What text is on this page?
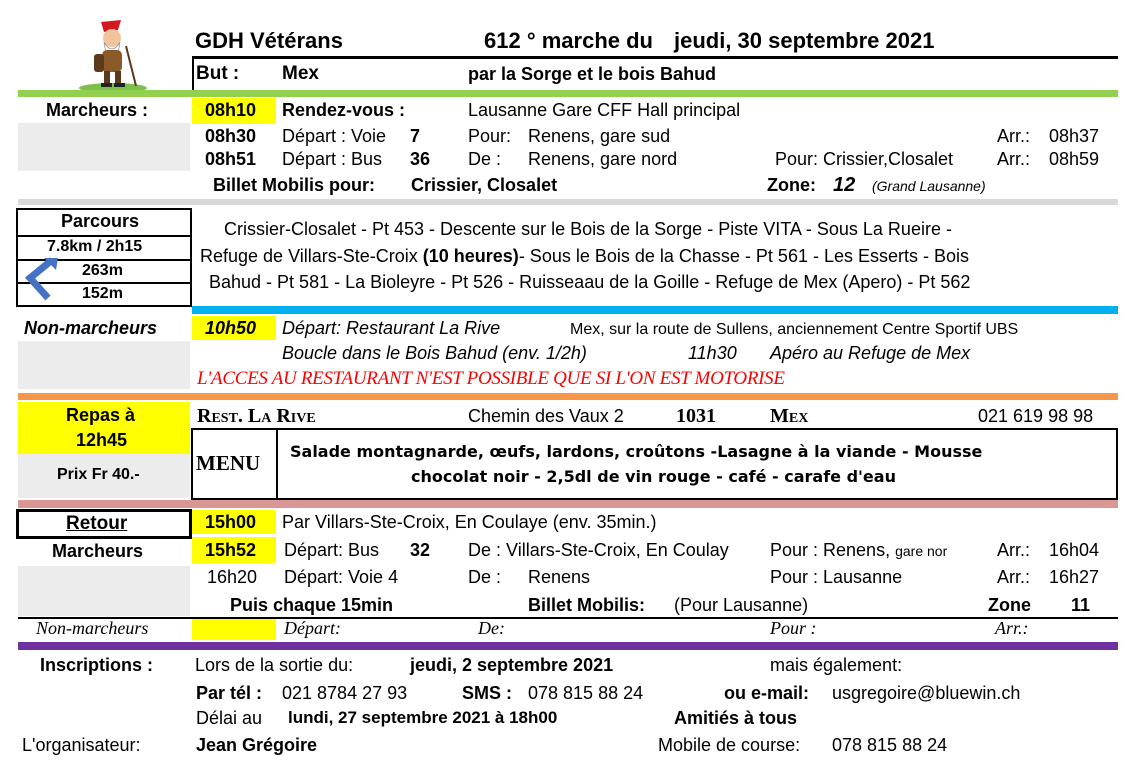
GDH Vétérans	612 ° marche du jeudi, 30 septembre 2021
But : Mex	par la Sorge et le bois Bahud
Marcheurs :	08h10 Rendez-vous :	Lausanne Gare CFF Hall principal
08h30 Départ : Voie 7	Pour: Renens, gare sud	Arr.: 08h37
08h51 Départ : Bus 36 De : Renens, gare nord	Pour: Crissier,Closalet Arr.: 08h59
Billet Mobilis pour: Crissier, Closalet	Zone: 12 (Grand Lausanne)
Parcours
7.8km / 2h15
263m
152m
Crissier-Closalet - Pt 453 - Descente sur le Bois de la Sorge - Piste VITA - Sous La Rueire -
Refuge de Villars-Ste-Croix (10 heures)- Sous le Bois de la Chasse - Pt 561 - Les Esserts - Bois
Bahud - Pt 581 - La Bioleyre - Pt 526 - Ruisseaau de la Goille - Refuge de Mex (Apero) - Pt 562
Non-marcheurs	10h50 Départ: Restaurant La Rive	Mex, sur la route de Sullens, anciennement Centre Sportif UBS
Boucle dans le Bois Bahud (env. 1/2h)	11h30 Apéro au Refuge de Mex
L'ACCES AU RESTAURANT N'EST POSSIBLE QUE SI L'ON EST MOTORISE
Repas à
12h45
Prix Fr 40.-
Rest. La Rive	Chemin des Vaux 2	1031	Mex	021 619 98 98
MENU Salade montagnarde, œufs, lardons, croûtons -Lasagne à la viande - Mousse
chocolat noir - 2,5dl de vin rouge - café - carafe d'eau
Retour
Marcheurs
15h00 Par Villars-Ste-Croix, En Coulaye (env. 35min.)
15h52 Départ: Bus 32 De : Villars-Ste-Croix, En Coulay Pour : Renens, gare nor	Arr.: 16h04
16h20 Départ: Voie 4	De : Renens	Pour : Lausanne	Arr.: 16h27
Puis chaque 15min	Billet Mobilis: (Pour Lausanne)	Zone 11
Non-marcheurs	Départ:	De:	Pour :	Arr.:
Inscriptions : Lors de la sortie du:	jeudi, 2 septembre 2021	mais également:
Par tél : 021 8784 27 93	SMS : 078 815 88 24	ou e-mail: usgregoire@bluewin.ch
Délai au lundi, 27 septembre 2021 à 18h00	Amitiés à tous
L'organisateur:	Jean Grégoire	Mobile de course: 078 815 88 24
